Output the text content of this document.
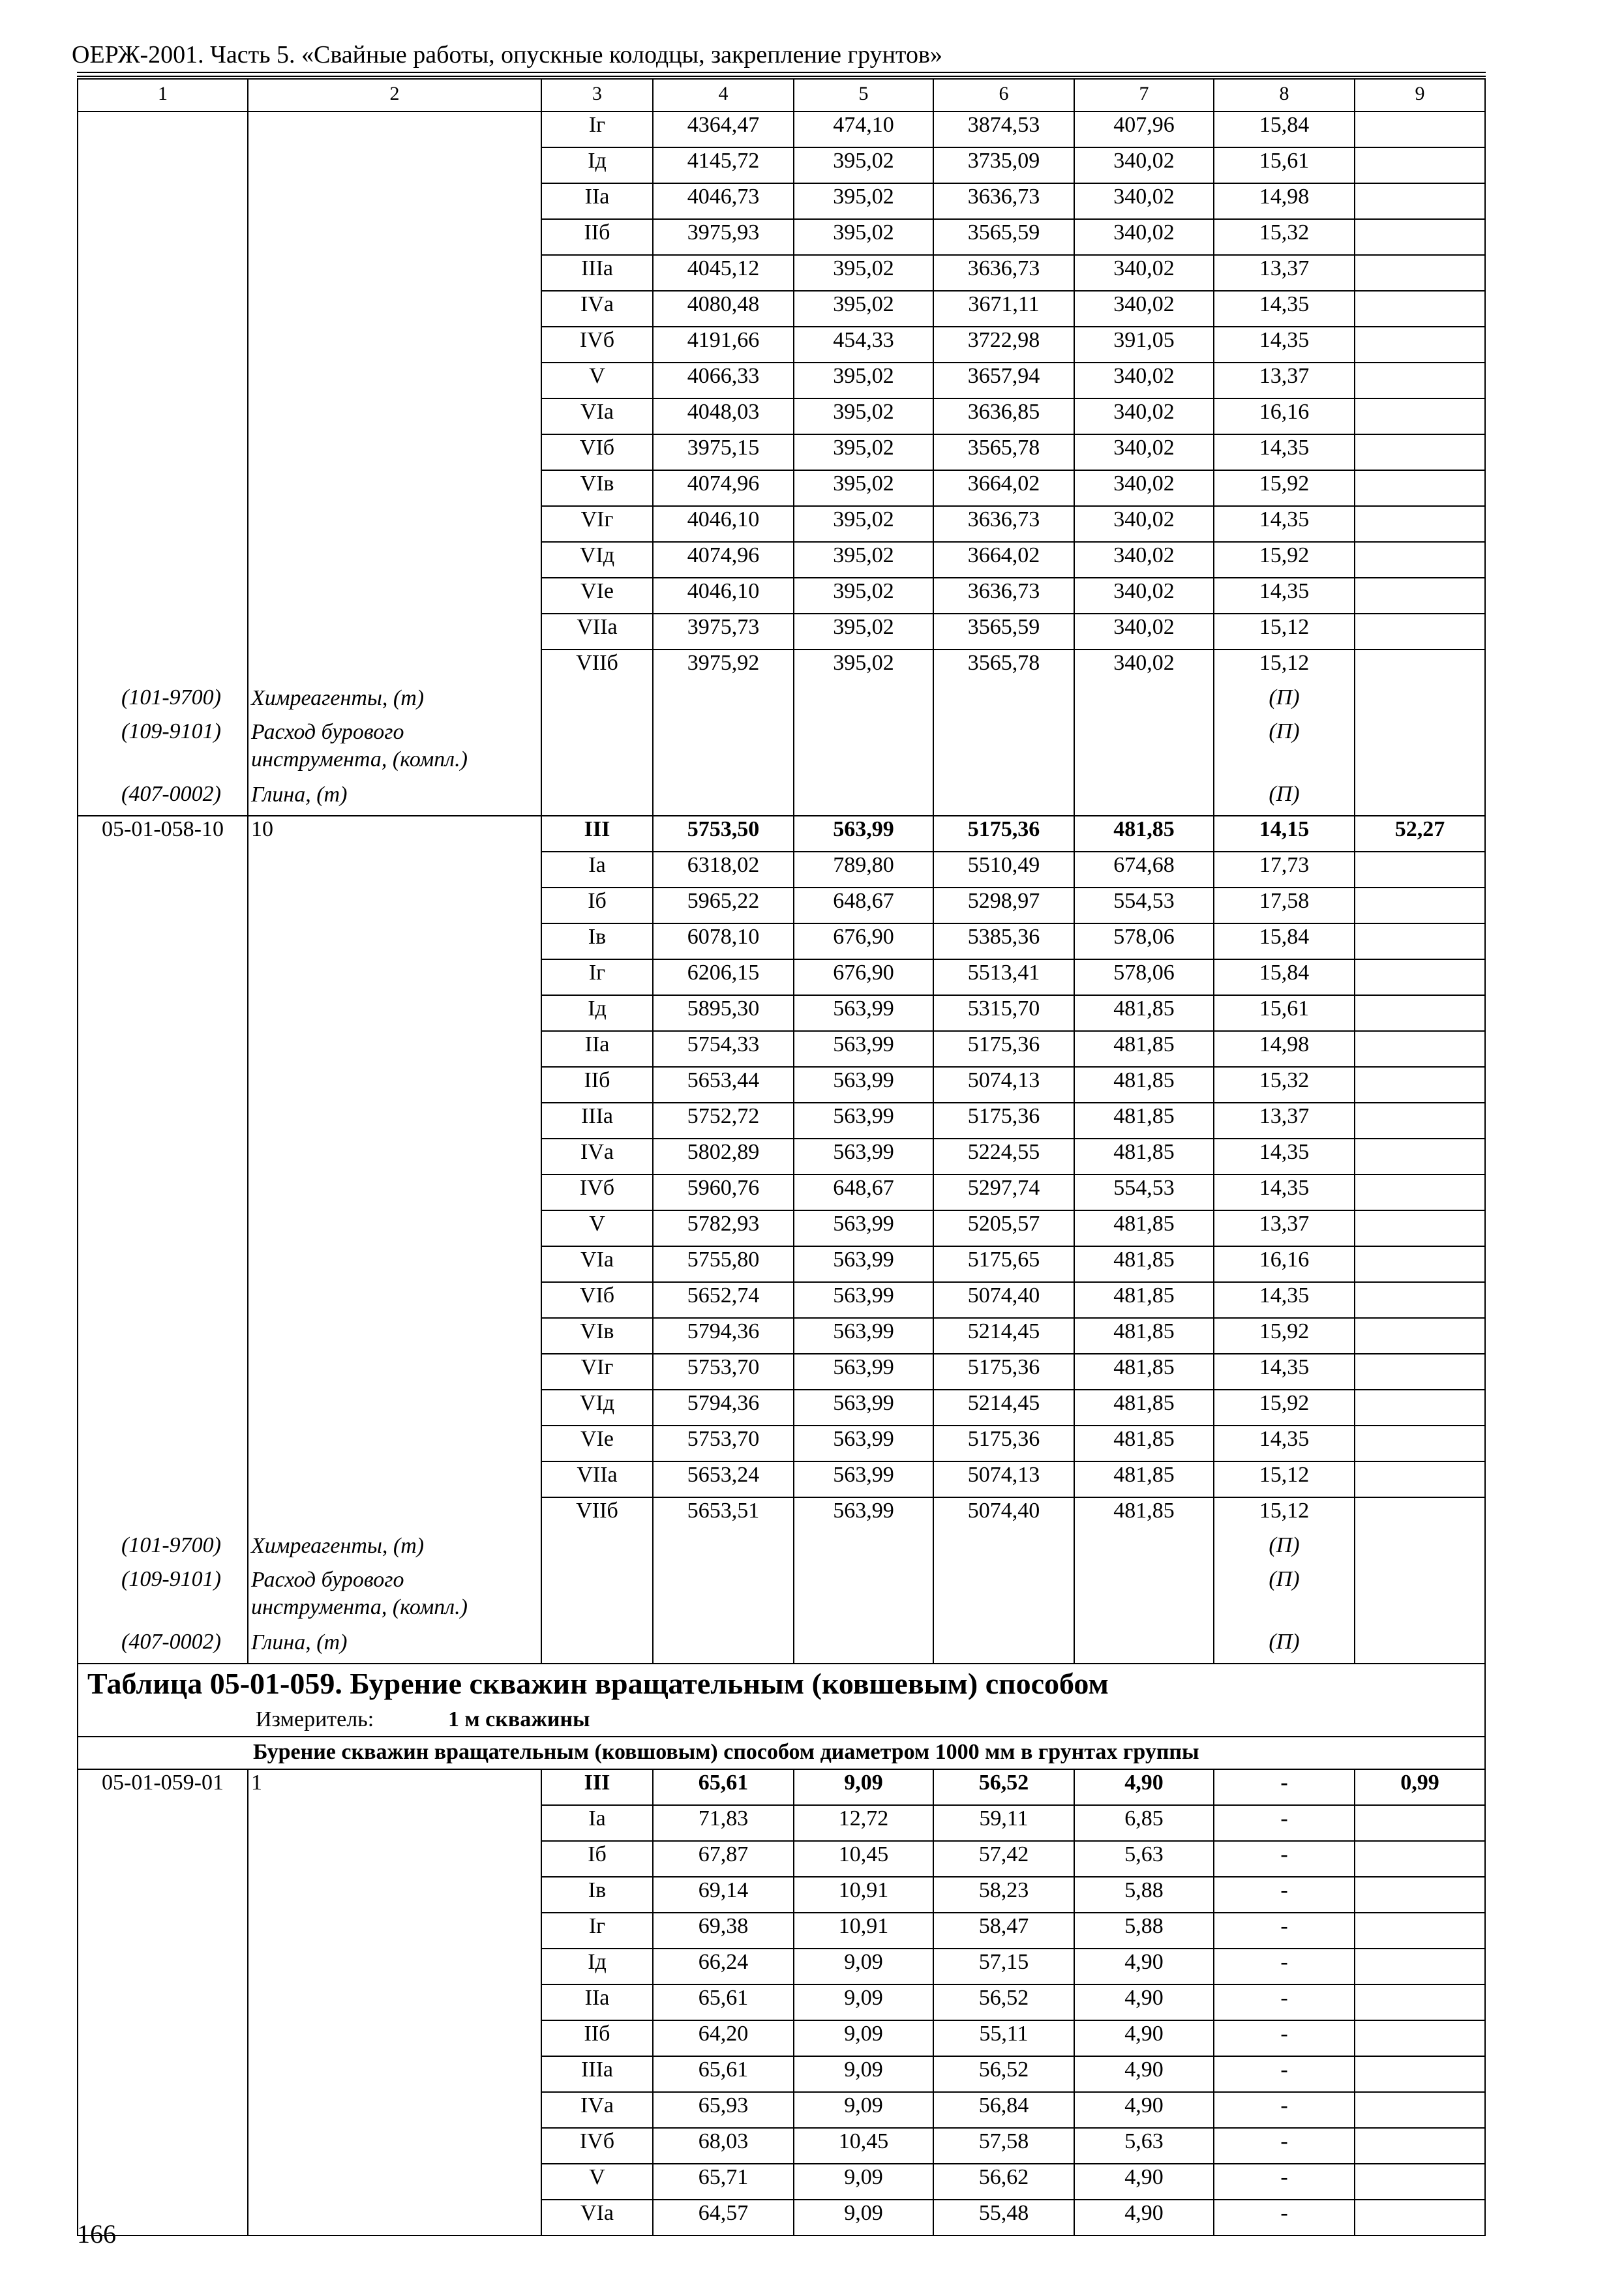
ОЕРЖ-2001. Часть 5. «Свайные работы, опускные колодцы, закрепление грунтов»
1	2	3	4	5	6	7	8	9
		Iг	4364,47	474,10	3874,53	407,96	15,84	
		Iд	4145,72	395,02	3735,09	340,02	15,61	
		IIа	4046,73	395,02	3636,73	340,02	14,98	
		IIб	3975,93	395,02	3565,59	340,02	15,32	
		IIIа	4045,12	395,02	3636,73	340,02	13,37	
		IVа	4080,48	395,02	3671,11	340,02	14,35	
		IVб	4191,66	454,33	3722,98	391,05	14,35	
		V	4066,33	395,02	3657,94	340,02	13,37	
		VIа	4048,03	395,02	3636,85	340,02	16,16	
		VIб	3975,15	395,02	3565,78	340,02	14,35	
		VIв	4074,96	395,02	3664,02	340,02	15,92	
		VIг	4046,10	395,02	3636,73	340,02	14,35	
		VIд	4074,96	395,02	3664,02	340,02	15,92	
		VIе	4046,10	395,02	3636,73	340,02	14,35	
		VIIа	3975,73	395,02	3565,59	340,02	15,12	
		VIIб	3975,92	395,02	3565,78	340,02	15,12	
(101-9700)	Химреагенты, (т)						(П)	
(109-9101)	Расход бурового инструмента, (компл.)						(П)	
(407-0002)	Глина, (т)						(П)	
05-01-058-10	10	III	5753,50	563,99	5175,36	481,85	14,15	52,27
		Iа	6318,02	789,80	5510,49	674,68	17,73	
		Iб	5965,22	648,67	5298,97	554,53	17,58	
		Iв	6078,10	676,90	5385,36	578,06	15,84	
		Iг	6206,15	676,90	5513,41	578,06	15,84	
		Iд	5895,30	563,99	5315,70	481,85	15,61	
		IIа	5754,33	563,99	5175,36	481,85	14,98	
		IIб	5653,44	563,99	5074,13	481,85	15,32	
		IIIа	5752,72	563,99	5175,36	481,85	13,37	
		IVа	5802,89	563,99	5224,55	481,85	14,35	
		IVб	5960,76	648,67	5297,74	554,53	14,35	
		V	5782,93	563,99	5205,57	481,85	13,37	
		VIа	5755,80	563,99	5175,65	481,85	16,16	
		VIб	5652,74	563,99	5074,40	481,85	14,35	
		VIв	5794,36	563,99	5214,45	481,85	15,92	
		VIг	5753,70	563,99	5175,36	481,85	14,35	
		VIд	5794,36	563,99	5214,45	481,85	15,92	
		VIе	5753,70	563,99	5175,36	481,85	14,35	
		VIIа	5653,24	563,99	5074,13	481,85	15,12	
		VIIб	5653,51	563,99	5074,40	481,85	15,12	
(101-9700)	Химреагенты, (т)						(П)	
(109-9101)	Расход бурового инструмента, (компл.)						(П)	
(407-0002)	Глина, (т)						(П)	
Таблица 05-01-059. Бурение скважин вращательным (ковшевым) способом								
Измеритель: 1 м скважины								
Бурение скважин вращательным (ковшовым) способом диаметром 1000 мм в грунтах группы								
05-01-059-01	1	III	65,61	9,09	56,52	4,90	-	0,99
		Iа	71,83	12,72	59,11	6,85	-	
		Iб	67,87	10,45	57,42	5,63	-	
		Iв	69,14	10,91	58,23	5,88	-	
		Iг	69,38	10,91	58,47	5,88	-	
		Iд	66,24	9,09	57,15	4,90	-	
		IIа	65,61	9,09	56,52	4,90	-	
		IIб	64,20	9,09	55,11	4,90	-	
		IIIа	65,61	9,09	56,52	4,90	-	
		IVа	65,93	9,09	56,84	4,90	-	
		IVб	68,03	10,45	57,58	5,63	-	
		V	65,71	9,09	56,62	4,90	-	
		VIа	64,57	9,09	55,48	4,90	-	
166
